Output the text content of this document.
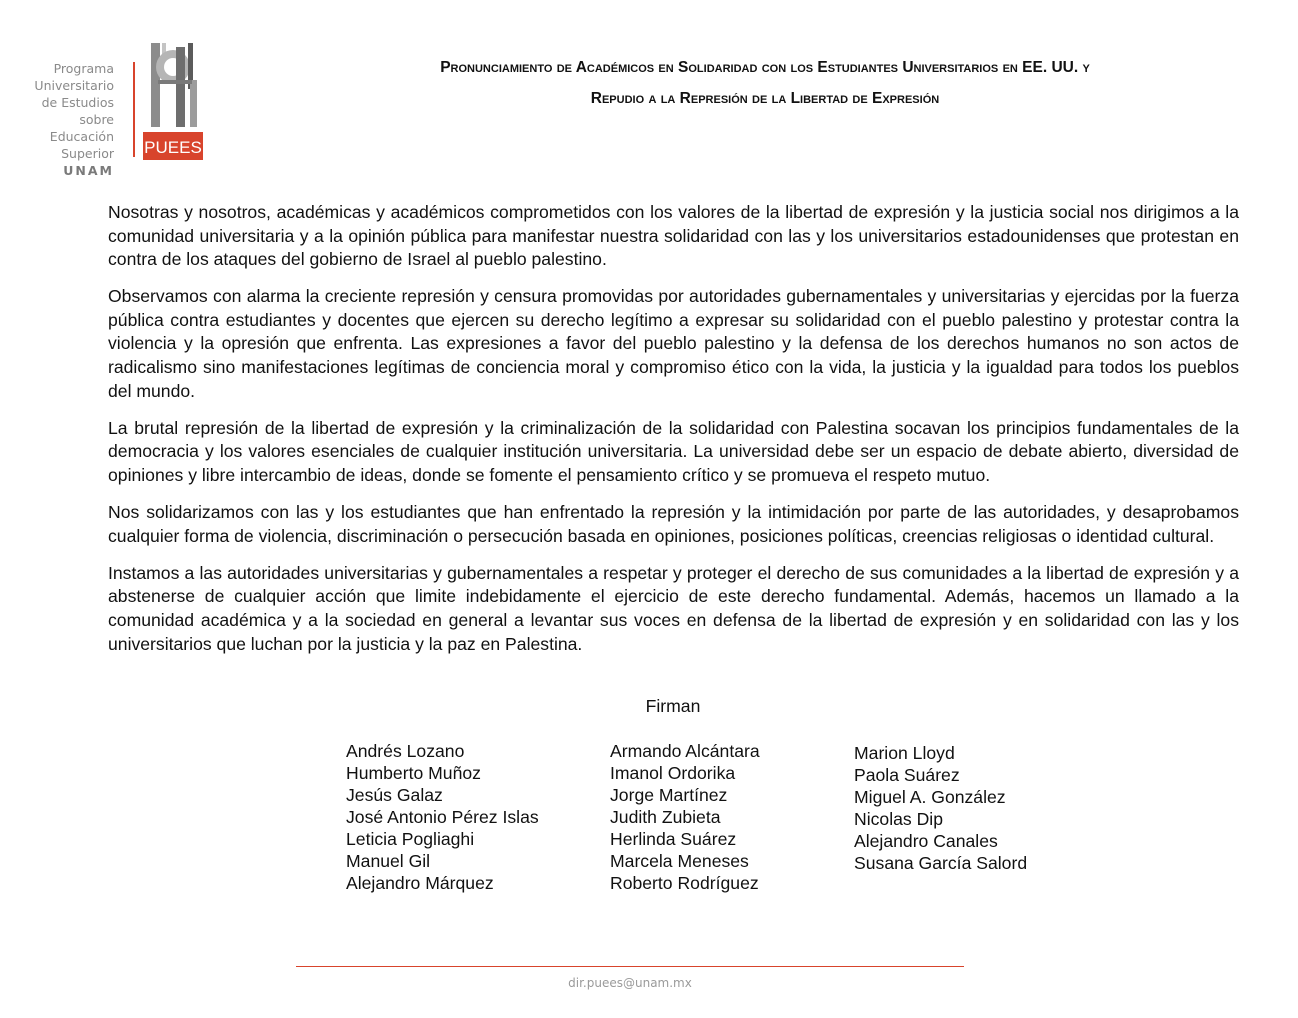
Programa
Universitario
de Estudios
sobre Educación
Superior
UNAM
PUEES
Pronunciamiento de Académicos en Solidaridad con los Estudiantes Universitarios en EE. UU. y
Repudio a la Represión de la Libertad de Expresión

Nosotras y nosotros, académicas y académicos comprometidos con los valores de la libertad de expresión y la justicia social nos dirigimos a la comunidad universitaria y a la opinión pública para manifestar nuestra solidaridad con las y los universitarios estadounidenses que protestan en contra de los ataques del gobierno de Israel al pueblo palestino.

Observamos con alarma la creciente represión y censura promovidas por autoridades gubernamentales y universitarias y ejercidas por la fuerza pública contra estudiantes y docentes que ejercen su derecho legítimo a expresar su solidaridad con el pueblo palestino y protestar contra la violencia y la opresión que enfrenta. Las expresiones a favor del pueblo palestino y la defensa de los derechos humanos no son actos de radicalismo sino manifestaciones legítimas de conciencia moral y compromiso ético con la vida, la justicia y la igualdad para todos los pueblos del mundo.

La brutal represión de la libertad de expresión y la criminalización de la solidaridad con Palestina socavan los principios fundamentales de la democracia y los valores esenciales de cualquier institución universitaria. La universidad debe ser un espacio de debate abierto, diversidad de opiniones y libre intercambio de ideas, donde se fomente el pensamiento crítico y se promueva el respeto mutuo.

Nos solidarizamos con las y los estudiantes que han enfrentado la represión y la intimidación por parte de las autoridades, y desaprobamos cualquier forma de violencia, discriminación o persecución basada en opiniones, posiciones políticas, creencias religiosas o identidad cultural.

Instamos a las autoridades universitarias y gubernamentales a respetar y proteger el derecho de sus comunidades a la libertad de expresión y a abstenerse de cualquier acción que limite indebidamente el ejercicio de este derecho fundamental. Además, hacemos un llamado a la comunidad académica y a la sociedad en general a levantar sus voces en defensa de la libertad de expresión y en solidaridad con las y los universitarios que luchan por la justicia y la paz en Palestina.

Firman
Andrés Lozano
Humberto Muñoz
Jesús Galaz
José Antonio Pérez Islas
Leticia Pogliaghi
Manuel Gil
Alejandro Márquez
Armando Alcántara
Imanol Ordorika
Jorge Martínez
Judith Zubieta
Herlinda Suárez
Marcela Meneses
Roberto Rodríguez
Marion Lloyd
Paola Suárez
Miguel A. González
Nicolas Dip
Alejandro Canales
Susana García Salord
dir.puees@unam.mx
